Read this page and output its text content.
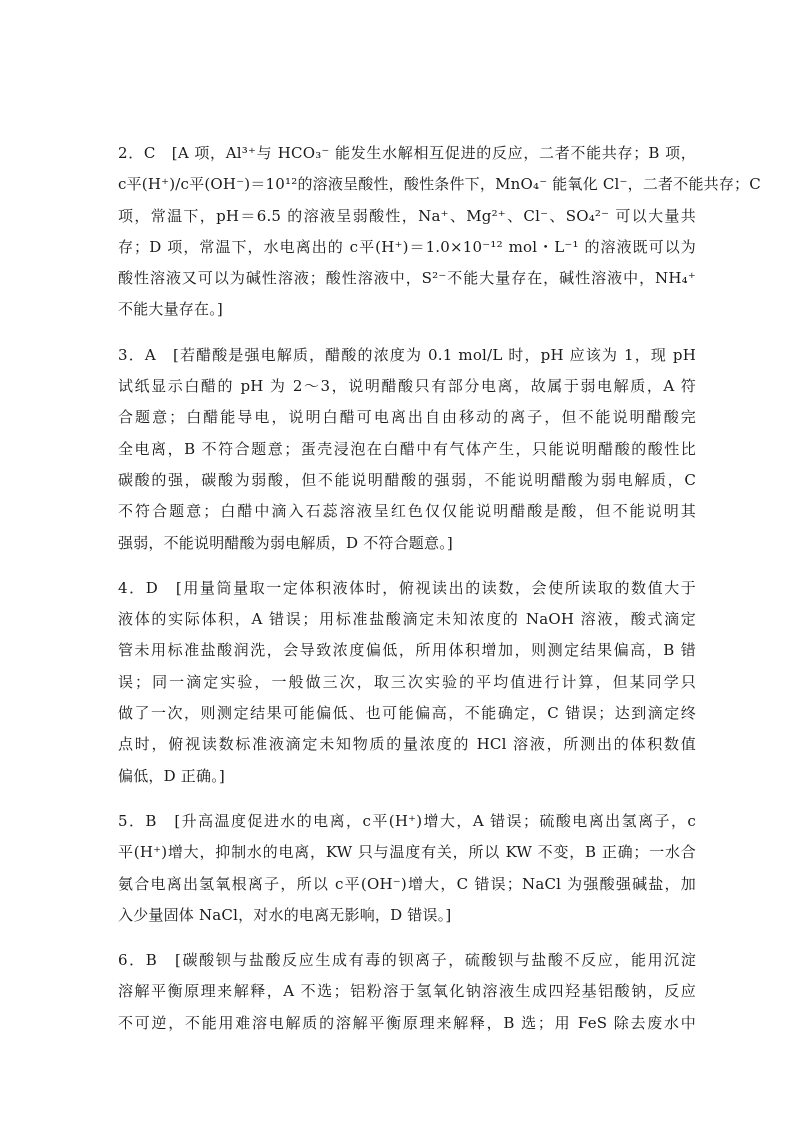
2．C　[A 项，Al³⁺与 HCO₃⁻ 能发生水解相互促进的反应，二者不能共存；B 项，
c平(H⁺)/c平(OH⁻)＝10¹²的溶液呈酸性，酸性条件下，MnO₄⁻ 能氧化 Cl⁻，二者不能共存；C
项，常温下，pH＝6.5 的溶液呈弱酸性，Na⁺、Mg²⁺、Cl⁻、SO₄²⁻ 可以大量共
存；D 项，常温下，水电离出的 c平(H⁺)＝1.0×10⁻¹² mol・L⁻¹ 的溶液既可以为
酸性溶液又可以为碱性溶液；酸性溶液中，S²⁻不能大量存在，碱性溶液中，NH₄⁺
不能大量存在。]
3．A　[若醋酸是强电解质，醋酸的浓度为 0.1 mol/L 时，pH 应该为 1，现 pH
试纸显示白醋的 pH 为 2～3，说明醋酸只有部分电离，故属于弱电解质，A 符
合题意；白醋能导电，说明白醋可电离出自由移动的离子，但不能说明醋酸完
全电离，B 不符合题意；蛋壳浸泡在白醋中有气体产生，只能说明醋酸的酸性比
碳酸的强，碳酸为弱酸，但不能说明醋酸的强弱，不能说明醋酸为弱电解质，C
不符合题意；白醋中滴入石蕊溶液呈红色仅仅能说明醋酸是酸，但不能说明其
强弱，不能说明醋酸为弱电解质，D 不符合题意。]
4．D　[用量筒量取一定体积液体时，俯视读出的读数，会使所读取的数值大于
液体的实际体积，A 错误；用标准盐酸滴定未知浓度的 NaOH 溶液，酸式滴定
管未用标准盐酸润洗，会导致浓度偏低，所用体积增加，则测定结果偏高，B 错
误；同一滴定实验，一般做三次，取三次实验的平均值进行计算，但某同学只
做了一次，则测定结果可能偏低、也可能偏高，不能确定，C 错误；达到滴定终
点时，俯视读数标准液滴定未知物质的量浓度的 HCl 溶液，所测出的体积数值
偏低，D 正确。]
5．B　[升高温度促进水的电离，c平(H⁺)增大，A 错误；硫酸电离出氢离子，c
平(H⁺)增大，抑制水的电离，KW 只与温度有关，所以 KW 不变，B 正确；一水合
氨合电离出氢氧根离子，所以 c平(OH⁻)增大，C 错误；NaCl 为强酸强碱盐，加
入少量固体 NaCl，对水的电离无影响，D 错误。]
6．B　[碳酸钡与盐酸反应生成有毒的钡离子，硫酸钡与盐酸不反应，能用沉淀
溶解平衡原理来解释，A 不选；铝粉溶于氢氧化钠溶液生成四羟基铝酸钠，反应
不可逆，不能用难溶电解质的溶解平衡原理来解释，B 选；用 FeS 除去废水中
